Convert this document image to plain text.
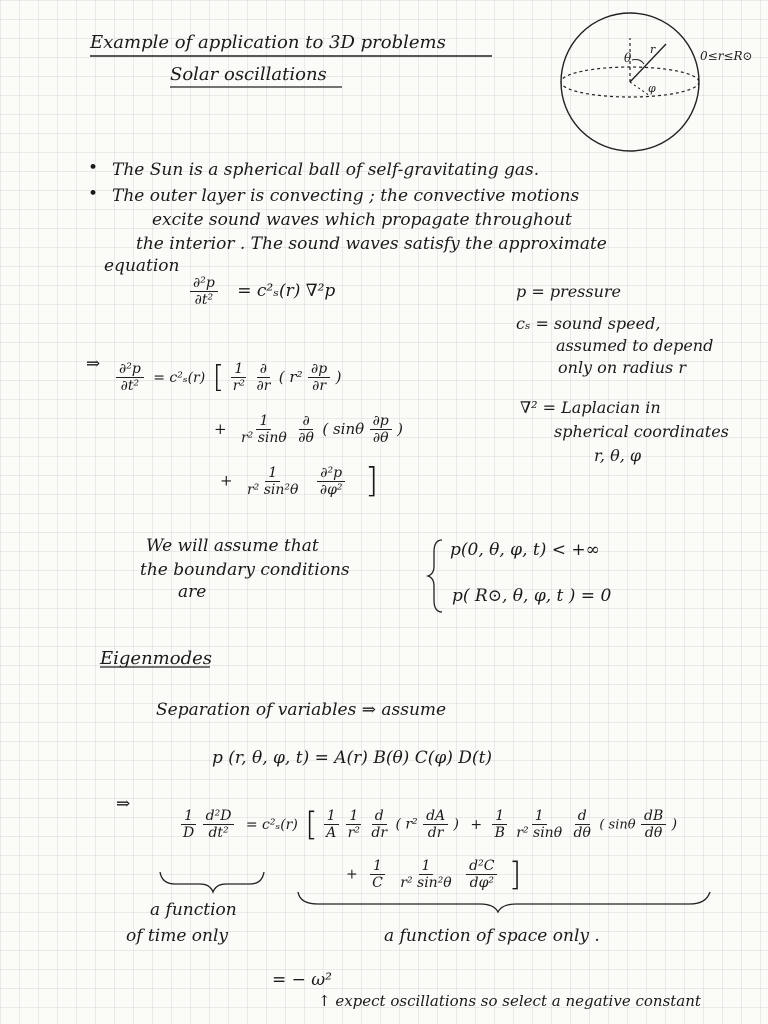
Example of application to 3D problems
Solar oscillations
0≤r≤R⊙
θ
r
φ
• The Sun is a spherical ball of self-gravitating gas.
• The outer layer is convecting ; the convective motions
excite sound waves which propagate throughout
the interior . The sound waves satisfy the approximate
equation
$\frac{\text{∂²p}}{\text{∂t²}} = c^2_s(r)$ ∇²p	p = pressure
cₛ = sound speed,
assumed to depend
only on radius r
∇² = Laplacian in
spherical coordinates
r, θ, φ
⇒ $\frac{\text{∂²p}}{\text{∂t²}} = c^2_s(r)$ [ $\frac{1}{\text{r²}}$
$\frac{\partial}{\partial r}$ ( $r^2 \frac{\partial p}{\partial r}$ )
+ $\frac{1}{\text{r² sinθ}}$
$\frac{\partial}{\partial\theta}$ ( sinθ $\frac{\partial p}{\partial\theta}$ )
+ $\frac{1}{\text{r² sin²θ}}$
$\frac{\text{∂²p}}{\text{∂φ²}}$ ]
We will assume that
the boundary conditions
are
p(0, θ, φ, t) < +∞
p( R⊙, θ, φ, t ) = 0
Eigenmodes
Separation of variables ⇒ assume
p (r, θ, φ, t) = A(r) B(θ) C(φ) D(t)
⇒
$\frac{1}{D}$
$\frac{\text{d²D}}{\text{dt²}} = c^2_s(r)$ [ $\frac{1}{A}$
$\frac{1}{\text{r²}}$
$\frac{d}{dr}$ ( $r^2 \frac{dA}{dr}$ ) + $\frac{1}{B}$
$\frac{1}{\text{r² sinθ}}$
$\frac{d}{d\theta}$ ( sinθ $\frac{dB}{d\theta}$ )
+ $\frac{1}{C}$
$\frac{1}{\text{r² sin²θ}}$
$\frac{\text{d²C}}{\text{dφ²}}$ ]
a function
of time only	a function of space only .
= − ω²
↑ expect oscillations so select a negative constant
